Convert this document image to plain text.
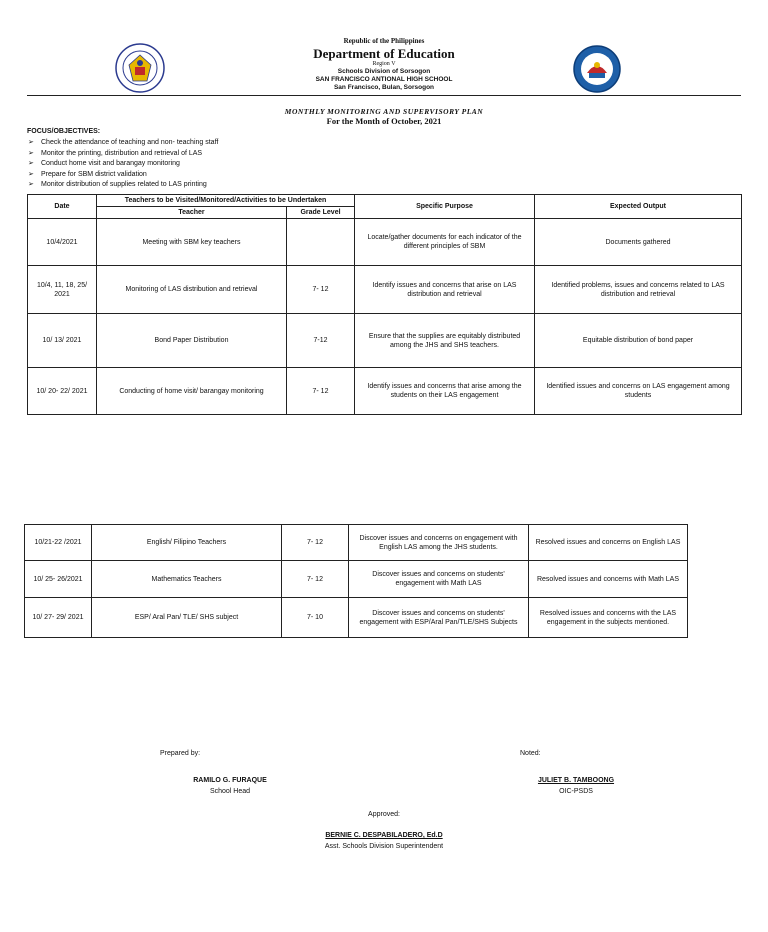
Republic of the Philippines
Department of Education
Region V
Schools Division of Sorsogon
SAN FRANCISCO ANTIONAL HIGH SCHOOL
San Francisco, Bulan, Sorsogon
MONTHLY MONITORING AND SUPERVISORY PLAN
For the Month of October, 2021
FOCUS/OBJECTIVES:
➢ Check the attendance of teaching and non- teaching staff
➢ Monitor the printing, distribution and retrieval of LAS
➢ Conduct home visit and barangay monitoring
➢ Prepare for SBM district validation
➢ Monitor distribution of supplies related to LAS printing
Date	Teachers to be Visited/Monitored/Activities to be Undertaken		Specific Purpose	Expected Output
	Teacher	Grade Level		
10/4/2021	Meeting with SBM key teachers		Locate/gather documents for each indicator of the different principles of SBM	Documents gathered
10/4, 11, 18, 25/ 2021	Monitoring of LAS distribution and retrieval	7- 12	Identify issues and concerns that arise on LAS distribution and retrieval	Identified problems, issues and concerns related to LAS distribution and retrieval
10/ 13/ 2021	Bond Paper Distribution	7-12	Ensure that the supplies are equitably distributed among the JHS and SHS teachers.	Equitable distribution of bond paper
10/ 20- 22/ 2021	Conducting of home visit/ barangay monitoring	7- 12	Identify issues and concerns that arise among the students on their LAS engagement	Identified issues and concerns on LAS engagement among students
10/21-22 /2021	English/ Filipino Teachers	7- 12	Discover issues and concerns on engagement with English LAS among the JHS students.	Resolved issues and concerns on English LAS
10/ 25- 26/2021	Mathematics Teachers	7- 12	Discover issues and concerns on students' engagement with Math LAS	Resolved issues and concerns with Math LAS
10/ 27- 29/ 2021	ESP/ Aral Pan/ TLE/ SHS subject	7- 10	Discover issues and concerns on students' engagement with ESP/Aral Pan/TLE/SHS Subjects	Resolved issues and concerns with the LAS engagement in the subjects mentioned.
Prepared by:
RAMILO G. FURAQUE
School Head
Noted:
JULIET B. TAMBOONG
OIC-PSDS
Approved:
BERNIE C. DESPABILADERO, Ed.D
Asst. Schools Division Superintendent
